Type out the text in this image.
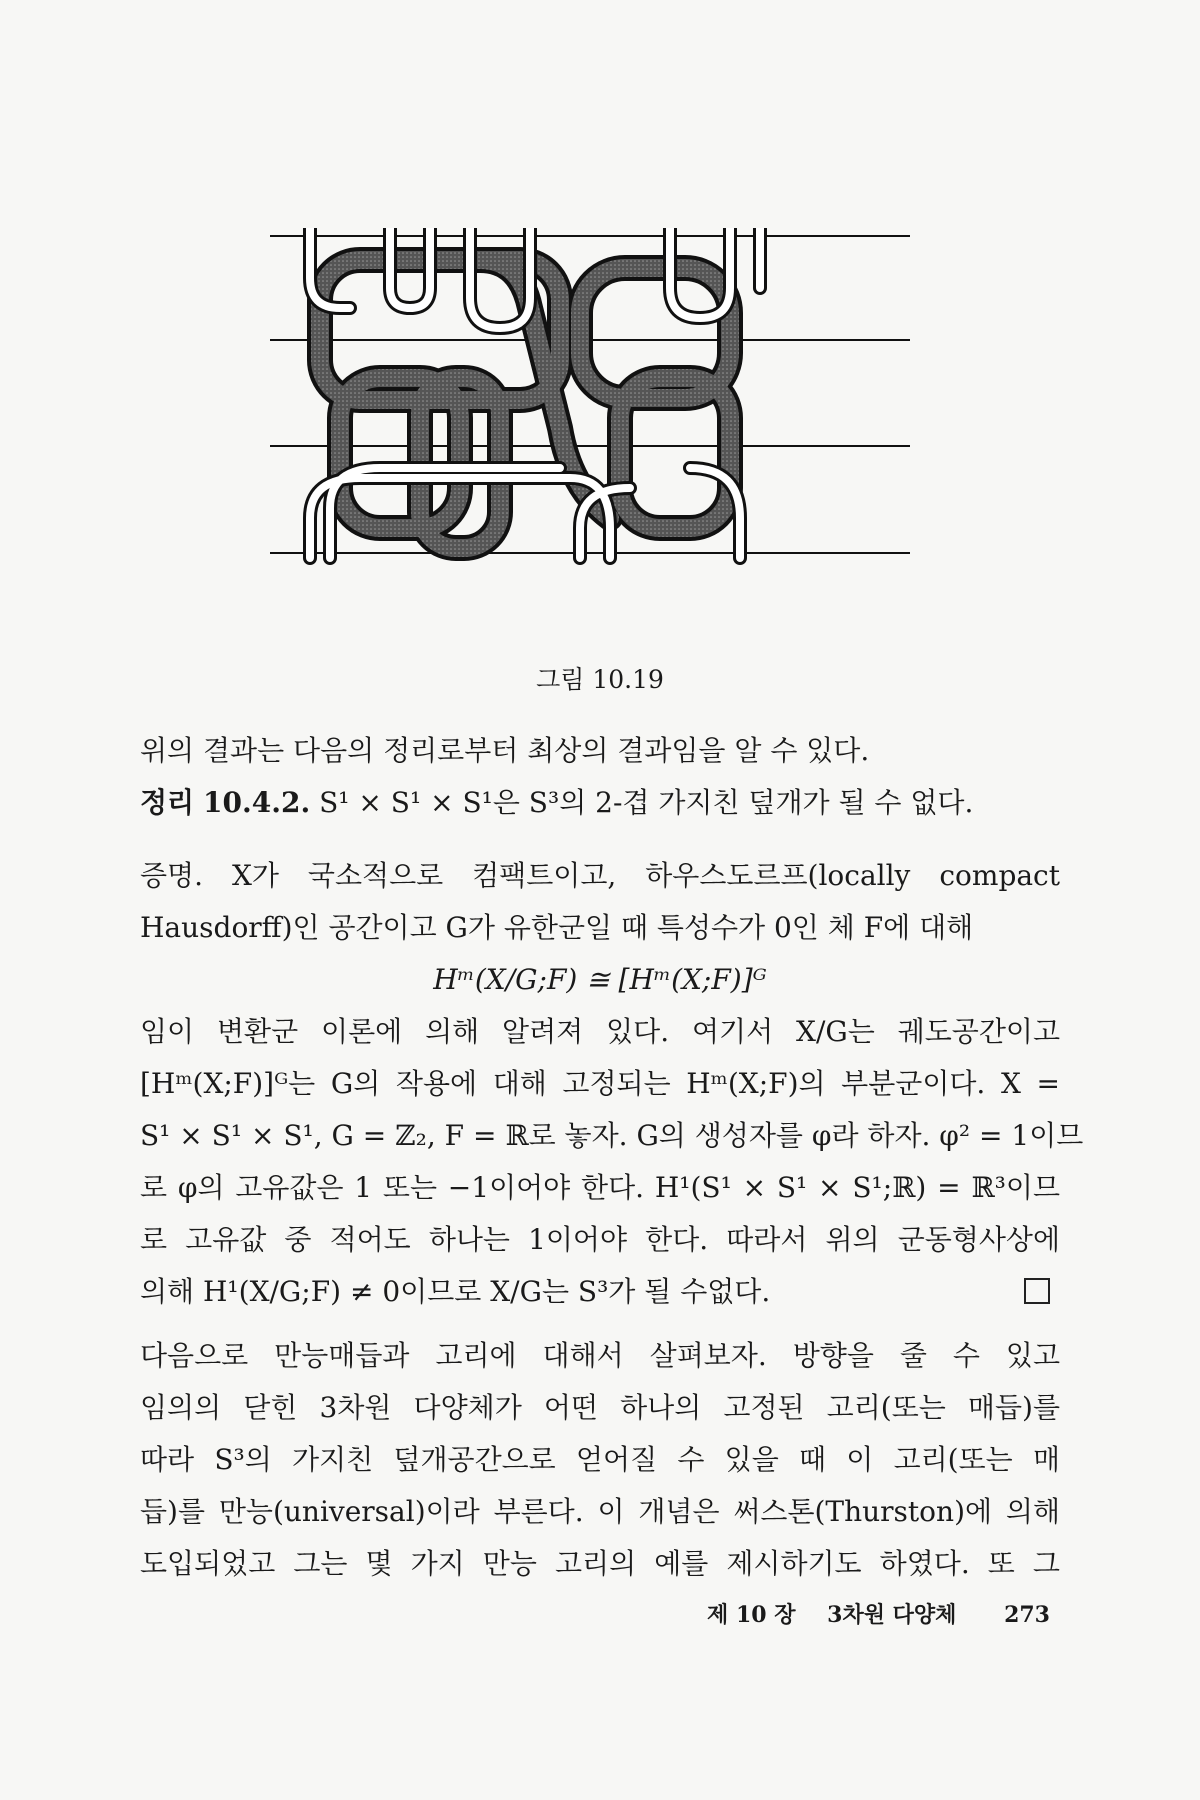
그림 10.19
위의 결과는 다음의 정리로부터 최상의 결과임을 알 수 있다.
정리 10.4.2. S¹ × S¹ × S¹은 S³의 2-겹 가지친 덮개가 될 수 없다.
증명. X가 국소적으로 컴팩트이고, 하우스도르프(locally compact
Hausdorff)인 공간이고 G가 유한군일 때 특성수가 0인 체 F에 대해
Hᵐ(X/G;F) ≅ [Hᵐ(X;F)]ᴳ
임이 변환군 이론에 의해 알려져 있다. 여기서 X/G는 궤도공간이고
[Hᵐ(X;F)]ᴳ는 G의 작용에 대해 고정되는 Hᵐ(X;F)의 부분군이다. X =
S¹ × S¹ × S¹, G = ℤ₂, F = ℝ로 놓자. G의 생성자를 φ라 하자. φ² = 1이므
로 φ의 고유값은 1 또는 −1이어야 한다. H¹(S¹ × S¹ × S¹;ℝ) = ℝ³이므
로 고유값 중 적어도 하나는 1이어야 한다. 따라서 위의 군동형사상에
의해 H¹(X/G;F) ≠ 0이므로 X/G는 S³가 될 수없다.
다음으로 만능매듭과 고리에 대해서 살펴보자. 방향을 줄 수 있고
임의의 닫힌 3차원 다양체가 어떤 하나의 고정된 고리(또는 매듭)를
따라 S³의 가지친 덮개공간으로 얻어질 수 있을 때 이 고리(또는 매
듭)를 만능(universal)이라 부른다. 이 개념은 써스톤(Thurston)에 의해
도입되었고 그는 몇 가지 만능 고리의 예를 제시하기도 하였다. 또 그
제 10 장 3차원 다양체 273
